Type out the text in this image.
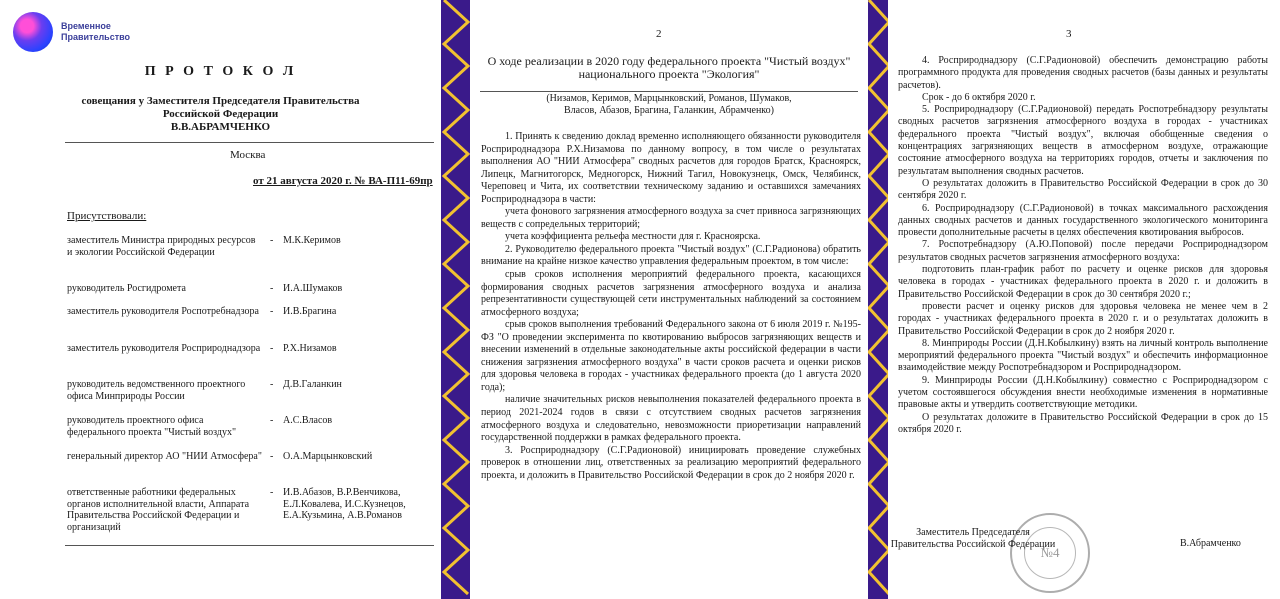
Временное
Правительство
П Р О Т О К О Л
совещания у Заместителя Председателя Правительства
Российской Федерации
В.В.АБРАМЧЕНКО
Москва
от 21 августа 2020 г. № ВА-П11-69пр
Присутствовали:
заместитель Министра природных ресурсов и экологии Российской Федерации
- М.К.Керимов
руководитель Росгидромета	- И.А.Шумаков
заместитель руководителя Роспотребнадзора	- И.В.Брагина
заместитель руководителя Росприроднадзора - Р.Х.Низамов
руководитель ведомственного проектного офиса Минприроды России
- Д.В.Галанкин
руководитель проектного офиса федерального проекта "Чистый воздух"
- А.С.Власов
генеральный директор АО "НИИ Атмосфера" - О.А.Марцынковский
ответственные работники федеральных органов исполнительной власти, Аппарата Правительства Российской Федерации и организаций
- И.В.Абазов, В.Р.Венчикова, Е.Л.Ковалева, И.С.Кузнецов, Е.А.Кузьмина, А.В.Романов
2
О ходе реализации в 2020 году федерального проекта "Чистый воздух"
национального проекта "Экология"
(Низамов, Керимов, Марцынковский, Романов, Шумаков,
Власов, Абазов, Брагина, Галанкин, Абрамченко)

1. Принять к сведению доклад временно исполняющего обязанности руководителя Росприроднадзора Р.Х.Низамова по данному вопросу, в том числе о результатах выполнения АО "НИИ Атмосфера" сводных расчетов для городов Братск, Красноярск, Липецк, Магнитогорск, Медногорск, Нижний Тагил, Новокузнецк, Омск, Челябинск, Череповец и Чита, их соответствии техническому заданию и оставшихся замечаниях Росприроднадзора в части:

учета фонового загрязнения атмосферного воздуха за счет привноса загрязняющих веществ с сопредельных территорий;

учета коэффициента рельефа местности для г. Красноярска.

2. Руководителю федерального проекта "Чистый воздух" (С.Г.Радионова) обратить внимание на крайне низкое качество управления федеральным проектом, в том числе:

срыв сроков исполнения мероприятий федерального проекта, касающихся формирования сводных расчетов загрязнения атмосферного воздуха и анализа репрезентативности существующей сети инструментальных наблюдений за состоянием атмосферного воздуха;

срыв сроков выполнения требований Федерального закона от 6 июля 2019 г. №195-ФЗ "О проведении эксперимента по квотированию выбросов загрязняющих веществ и внесении изменений в отдельные законодательные акты российской федерации в части снижения загрязнения атмосферного воздуха" в части сроков расчета и оценки рисков для здоровья человека в городах - участниках федерального проекта (до 1 августа 2020 года);

наличие значительных рисков невыполнения показателей федерального проекта в период 2021-2024 годов в связи с отсутствием сводных расчетов загрязнения атмосферного воздуха и следовательно, невозможности приоретизации направлений государственной поддержки в рамках федерального проекта.

3. Росприроднадзору (С.Г.Радионовой) инициировать проведение служебных проверок в отношении лиц, ответственных за реализацию мероприятий федерального проекта, и доложить в Правительство Российской Федерации в срок до 2 ноября 2020 г.

3

4. Росприроднадзору (С.Г.Радионовой) обеспечить демонстрацию работы программного продукта для проведения сводных расчетов (базы данных и результаты расчетов).

Срок - до 6 октября 2020 г.

5. Росприроднадзору (С.Г.Радионовой) передать Роспотребнадзору результаты сводных расчетов загрязнения атмосферного воздуха в городах - участниках федерального проекта "Чистый воздух", включая обобщенные сведения о концентрациях загрязняющих веществ в атмосферном воздухе, отражающие состояние атмосферного воздуха на территориях городов, отчеты и заключения по результатам выполнения сводных расчетов.

О результатах доложить в Правительство Российской Федерации в срок до 30 сентября 2020 г.

6. Росприроднадзору (С.Г.Радионовой) в точках максимального расхождения данных сводных расчетов и данных государственного экологического мониторинга провести дополнительные расчеты в целях обеспечения квотирования выбросов.

7. Роспотребнадзору (А.Ю.Поповой) после передачи Росприроднадзором результатов сводных расчетов загрязнения атмосферного воздуха:

подготовить план-график работ по расчету и оценке рисков для здоровья человека в городах - участниках федерального проекта в 2020 г. и доложить в Правительство Российской Федерации в срок до 30 сентября 2020 г.;

провести расчет и оценку рисков для здоровья человека не менее чем в 2 городах - участниках федерального проекта в 2020 г. и о результатах доложить в Правительство Российской Федерации в срок до 2 ноября 2020 г.

8. Минприроды России (Д.Н.Кобылкину) взять на личный контроль выполнение мероприятий федерального проекта "Чистый воздух" и обеспечить информационное взаимодействие между Роспотребнадзором и Росприроднадзором.

9. Минприроды России (Д.Н.Кобылкину) совместно с Росприроднадзором с учетом состоявшегося обсуждения внести необходимые изменения в нормативные правовые акты и утвердить соответствующие методики.

О результатах доложите в Правительство Российской Федерации в срок до 15 октября 2020 г.

№4
Заместитель Председателя
Правительства Российской Федерации	В.Абрамченко
